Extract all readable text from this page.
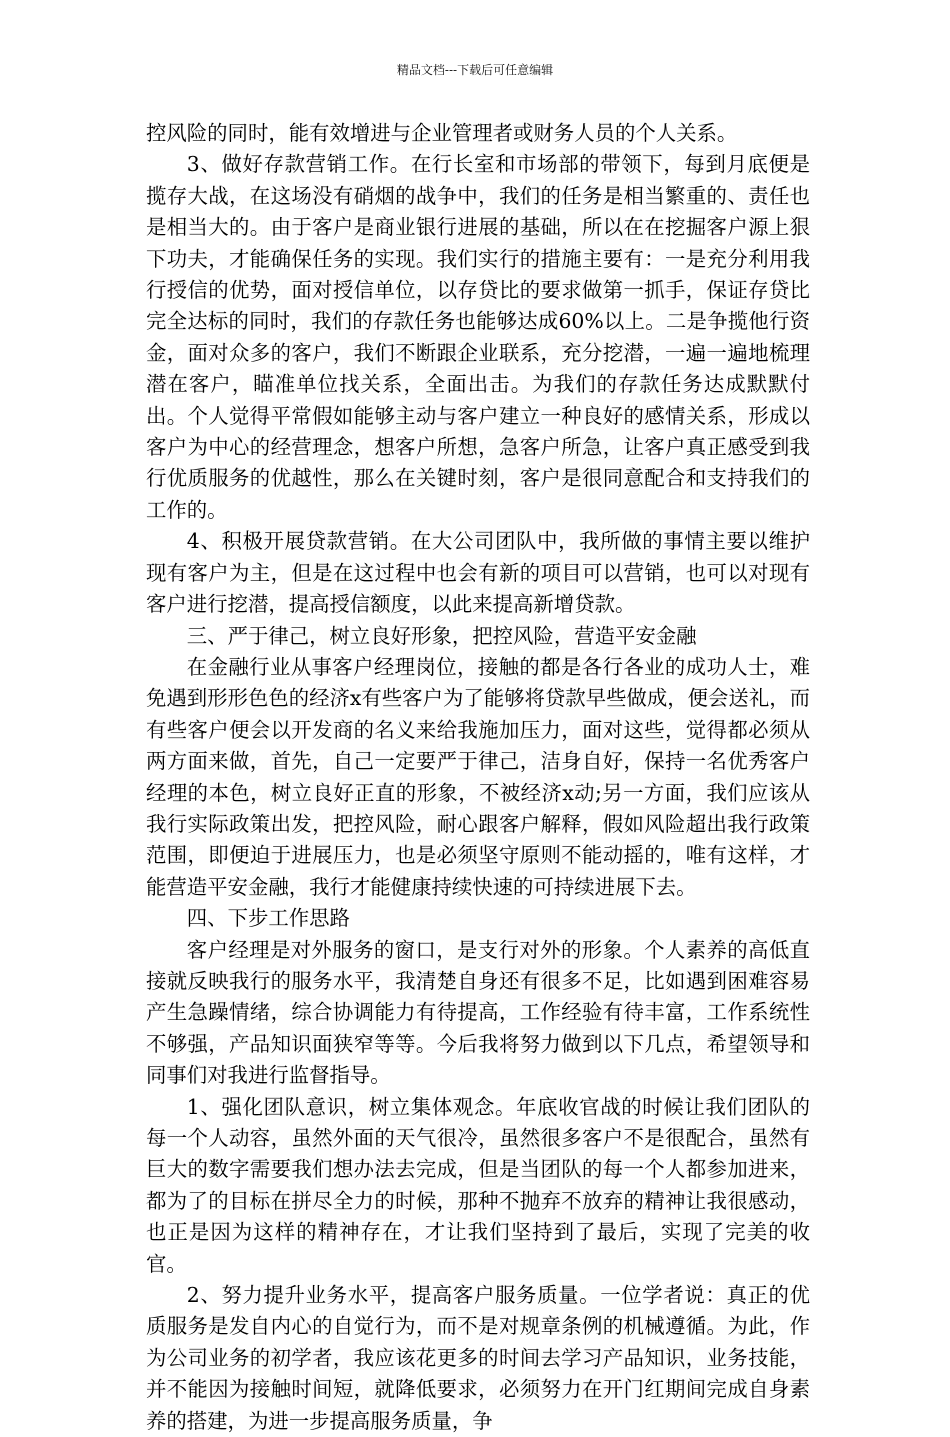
精品文档---下载后可任意编辑

控风险的同时，能有效增进与企业管理者或财务人员的个人关系。

3、做好存款营销工作。在行长室和市场部的带领下，每到月底便是揽存大战，在这场没有硝烟的战争中，我们的任务是相当繁重的、责任也是相当大的。由于客户是商业银行进展的基础，所以在在挖掘客户源上狠下功夫，才能确保任务的实现。我们实行的措施主要有：一是充分利用我行授信的优势，面对授信单位，以存贷比的要求做第一抓手，保证存贷比完全达标的同时，我们的存款任务也能够达成60%以上。二是争揽他行资金，面对众多的客户，我们不断跟企业联系，充分挖潜，一遍一遍地梳理潜在客户，瞄准单位找关系，全面出击。为我们的存款任务达成默默付出。个人觉得平常假如能够主动与客户建立一种良好的感情关系，形成以客户为中心的经营理念，想客户所想，急客户所急，让客户真正感受到我行优质服务的优越性，那么在关键时刻，客户是很同意配合和支持我们的工作的。

4、积极开展贷款营销。在大公司团队中，我所做的事情主要以维护现有客户为主，但是在这过程中也会有新的项目可以营销，也可以对现有客户进行挖潜，提高授信额度，以此来提高新增贷款。

三、严于律己，树立良好形象，把控风险，营造平安金融

在金融行业从事客户经理岗位，接触的都是各行各业的成功人士，难免遇到形形色色的经济x有些客户为了能够将贷款早些做成，便会送礼，而有些客户便会以开发商的名义来给我施加压力，面对这些，觉得都必须从两方面来做，首先，自己一定要严于律己，洁身自好，保持一名优秀客户经理的本色，树立良好正直的形象，不被经济x动;另一方面，我们应该从我行实际政策出发，把控风险，耐心跟客户解释，假如风险超出我行政策范围，即便迫于进展压力，也是必须坚守原则不能动摇的，唯有这样，才能营造平安金融，我行才能健康持续快速的可持续进展下去。

四、下步工作思路

客户经理是对外服务的窗口，是支行对外的形象。个人素养的高低直接就反映我行的服务水平，我清楚自身还有很多不足，比如遇到困难容易产生急躁情绪，综合协调能力有待提高，工作经验有待丰富，工作系统性不够强，产品知识面狭窄等等。今后我将努力做到以下几点，希望领导和同事们对我进行监督指导。

1、强化团队意识，树立集体观念。年底收官战的时候让我们团队的每一个人动容，虽然外面的天气很冷，虽然很多客户不是很配合，虽然有巨大的数字需要我们想办法去完成，但是当团队的每一个人都参加进来，都为了的目标在拼尽全力的时候，那种不抛弃不放弃的精神让我很感动，也正是因为这样的精神存在，才让我们坚持到了最后，实现了完美的收官。

2、努力提升业务水平，提高客户服务质量。一位学者说：真正的优质服务是发自内心的自觉行为，而不是对规章条例的机械遵循。为此，作为公司业务的初学者，我应该花更多的时间去学习产品知识，业务技能，并不能因为接触时间短，就降低要求，必须努力在开门红期间完成自身素养的搭建，为进一步提高服务质量，争
